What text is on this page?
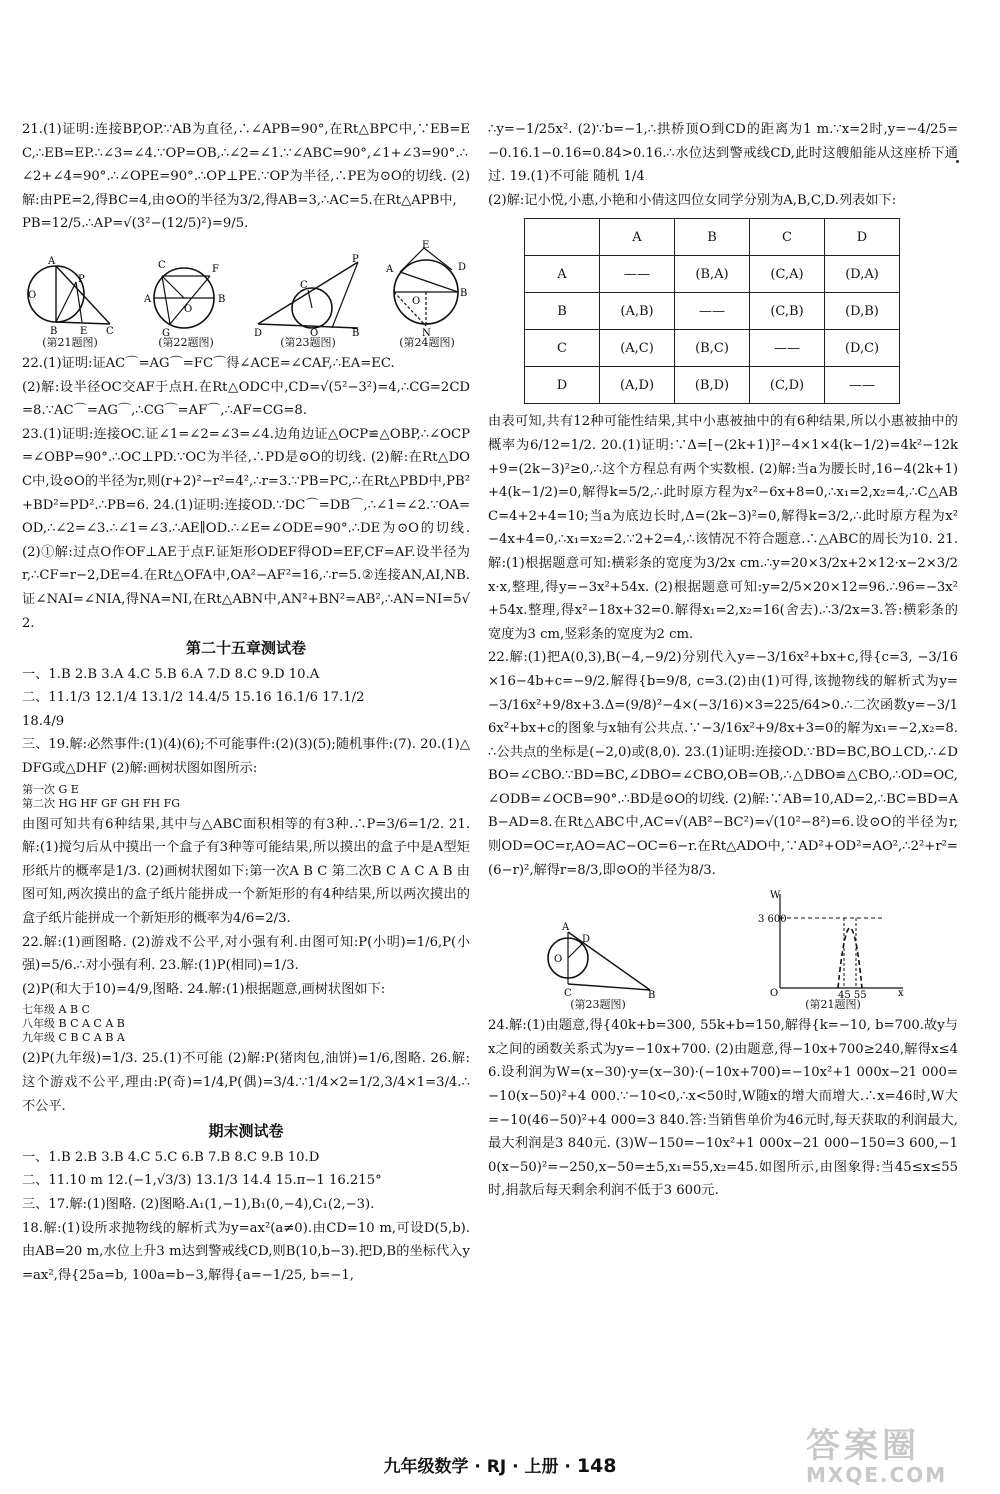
21.(1)证明:连接BP,OP.∵AB为直径,∴∠APB=90°,在Rt△BPC中,∵EB=EC,∴EB=EP.∴∠3=∠4.∵OP=OB,∴∠2=∠1.∵∠ABC=90°,∠1+∠3=90°.∴∠2+∠4=90°.∴∠OPE=90°.∴OP⊥PE.∵OP为半径,∴PE为⊙O的切线. (2)解:由PE=2,得BC=4,由⊙O的半径为3/2,得AB=3,∴AC=5.在Rt△APB中,

PB=12/5.∴AP=√(3²−(12/5)²)=9/5.

A
P
O
B E C
(第21题图)
C	F
A	B
G
O
(第22题图)
D
C
P
O	B
(第23题图)
E
A	D
B
N
O
(第24题图)

22.(1)证明:证AC⌒=AG⌒=FC⌒得∠ACE=∠CAF,∴EA=EC.
(2)解:设半径OC交AF于点H.在Rt△ODC中,CD=√(5²−3²)=4,∴CG=2CD=8.∵AC⌒=AG⌒,∴CG⌒=AF⌒,∴AF=CG=8.
23.(1)证明:连接OC.证∠1=∠2=∠3=∠4.边角边证△OCP≌△OBP,∴∠OCP=∠OBP=90°.∴OC⊥PD.∵OC为半径,∴PD是⊙O的切线. (2)解:在Rt△DOC中,设⊙O的半径为r,则(r+2)²−r²=4²,∴r=3.∵PB=PC,∴在Rt△PBD中,PB²+BD²=PD².∴PB=6. 24.(1)证明:连接OD.∵DC⌒=DB⌒,∴∠1=∠2.∵OA=OD,∴∠2=∠3.∴∠1=∠3.∴AE∥OD.∴∠E=∠ODE=90°.∴DE为⊙O的切线. (2)①解:过点O作OF⊥AE于点F.证矩形ODEF得OD=EF,CF=AF.设半径为r,∴CF=r−2,DE=4.在Rt△OFA中,OA²−AF²=16,∴r=5.②连接AN,AI,NB.证∠NAI=∠NIA,得NA=NI,在Rt△ABN中,AN²+BN²=AB²,∴AN=NI=5√2.

第二十五章测试卷

一、1.B 2.B 3.A 4.C 5.B 6.A 7.D 8.C 9.D 10.A

二、11.1/3 12.1/4 13.1/2 14.4/5 15.16 16.1/6 17.1/2

18.4/9

三、19.解:必然事件:(1)(4)(6);不可能事件:(2)(3)(5);随机事件:(7). 20.(1)△DFG或△DHF (2)解:画树状图如图所示:

第一次 G E
第二次 HG HF GF GH FH FG

由图可知共有6种结果,其中与△ABC面积相等的有3种.∴P=3/6=1/2. 21.解:(1)搅匀后从中摸出一个盒子有3种等可能结果,所以摸出的盒子中是A型矩形纸片的概率是1/3. (2)画树状图如下:第一次A B C 第二次B C A C A B 由图可知,两次摸出的盒子纸片能拼成一个新矩形的有4种结果,所以两次摸出的盒子纸片能拼成一个新矩形的概率为4/6=2/3.

22.解:(1)画图略. (2)游戏不公平,对小强有利.由图可知:P(小明)=1/6,P(小强)=5/6.∴对小强有利. 23.解:(1)P(相同)=1/3.
(2)P(和大于10)=4/9,图略. 24.解:(1)根据题意,画树状图如下:

七年级 A B C
八年级 B C A C A B
九年级 C B C A B A

(2)P(九年级)=1/3. 25.(1)不可能 (2)解:P(猪肉包,油饼)=1/6,图略. 26.解:这个游戏不公平,理由:P(奇)=1/4,P(偶)=3/4.∵1/4×2=1/2,3/4×1=3/4.∴不公平.

期末测试卷

一、1.B 2.B 3.B 4.C 5.C 6.B 7.B 8.C 9.B 10.D

二、11.10 m 12.(−1,√3/3) 13.1/3 14.4 15.π−1 16.215°

三、17.解:(1)图略. (2)图略.A₁(1,−1),B₁(0,−4),C₁(2,−3).
18.解:(1)设所求抛物线的解析式为y=ax²(a≠0).由CD=10 m,可设D(5,b).由AB=20 m,水位上升3 m达到警戒线CD,则B(10,b−3).把D,B的坐标代入y=ax²,得{25a=b, 100a=b−3,解得{a=−1/25, b=−1,

∴y=−1/25x². (2)∵b=−1,∴拱桥顶O到CD的距离为1 m.∵x=2时,y=−4/25=−0.16.1−0.16=0.84>0.16.∴水位达到警戒线CD,此时这艘船能从这座桥下通过. 19.(1)不可能 随机 1/4
(2)解:记小悦,小惠,小艳和小倩这四位女同学分别为A,B,C,D.列表如下:

	A	B	C	D
A	——	(B,A)	(C,A)	(D,A)
B	(A,B)	——	(C,B)	(D,B)
C	(A,C)	(B,C)	——	(D,C)
D	(A,D)	(B,D)	(C,D)	——

由表可知,共有12种可能性结果,其中小惠被抽中的有6种结果,所以小惠被抽中的概率为6/12=1/2. 20.(1)证明:∵Δ=[−(2k+1)]²−4×1×4(k−1/2)=4k²−12k+9=(2k−3)²≥0,∴这个方程总有两个实数根. (2)解:当a为腰长时,16−4(2k+1)+4(k−1/2)=0,解得k=5/2,∴此时原方程为x²−6x+8=0,∴x₁=2,x₂=4,∴C△ABC=4+2+4=10;当a为底边长时,Δ=(2k−3)²=0,解得k=3/2,∴此时原方程为x²−4x+4=0,∴x₁=x₂=2.∵2+2=4,∴该情况不符合题意.∴△ABC的周长为10. 21.解:(1)根据题意可知:横彩条的宽度为3/2x cm.∴y=20×3/2x+2×12·x−2×3/2x·x,整理,得y=−3x²+54x. (2)根据题意可知:y=2/5×20×12=96.∴96=−3x²+54x.整理,得x²−18x+32=0.解得x₁=2,x₂=16(舍去).∴3/2x=3.答:横彩条的宽度为3 cm,竖彩条的宽度为2 cm.

22.解:(1)把A(0,3),B(−4,−9/2)分别代入y=−3/16x²+bx+c,得{c=3, −3/16×16−4b+c=−9/2.解得{b=9/8, c=3.(2)由(1)可得,该抛物线的解析式为y=−3/16x²+9/8x+3.Δ=(9/8)²−4×(−3/16)×3=225/64>0.∴二次函数y=−3/16x²+bx+c的图象与x轴有公共点.∵−3/16x²+9/8x+3=0的解为x₁=−2,x₂=8.∴公共点的坐标是(−2,0)或(8,0). 23.(1)证明:连接OD.∵BD=BC,BO⊥CD,∴∠DBO=∠CBO.∵BD=BC,∠DBO=∠CBO,OB=OB,∴△DBO≌△CBO,∴OD=OC,∠ODB=∠OCB=90°.∴BD是⊙O的切线. (2)解:∵AB=10,AD=2,∴BC=BD=AB−AD=8.在Rt△ABC中,AC=√(AB²−BC²)=√(10²−8²)=6.设⊙O的半径为r,则OD=OC=r,AO=AC−OC=6−r.在Rt△ADO中,∵AD²+OD²=AO²,∴2²+r²=(6−r)²,解得r=8/3,即⊙O的半径为8/3.

A
D
O
C	B
(第23题图)
W
3 600
x
O	45 55
(第21题图)

24.解:(1)由题意,得{40k+b=300, 55k+b=150,解得{k=−10, b=700.故y与x之间的函数关系式为y=−10x+700. (2)由题意,得−10x+700≥240,解得x≤46.设利润为W=(x−30)·y=(x−30)·(−10x+700)=−10x²+1 000x−21 000=−10(x−50)²+4 000.∵−10<0,∴x<50时,W随x的增大而增大.∴x=46时,W大=−10(46−50)²+4 000=3 840.答:当销售单价为46元时,每天获取的利润最大,最大利润是3 840元. (3)W−150=−10x²+1 000x−21 000−150=3 600,−10(x−50)²=−250,x−50=±5,x₁=55,x₂=45.如图所示,由图象得:当45≤x≤55时,捐款后每天剩余利润不低于3 600元.

九年级数学 · RJ · 上册 · 148	答案圈
MXQE.COM
